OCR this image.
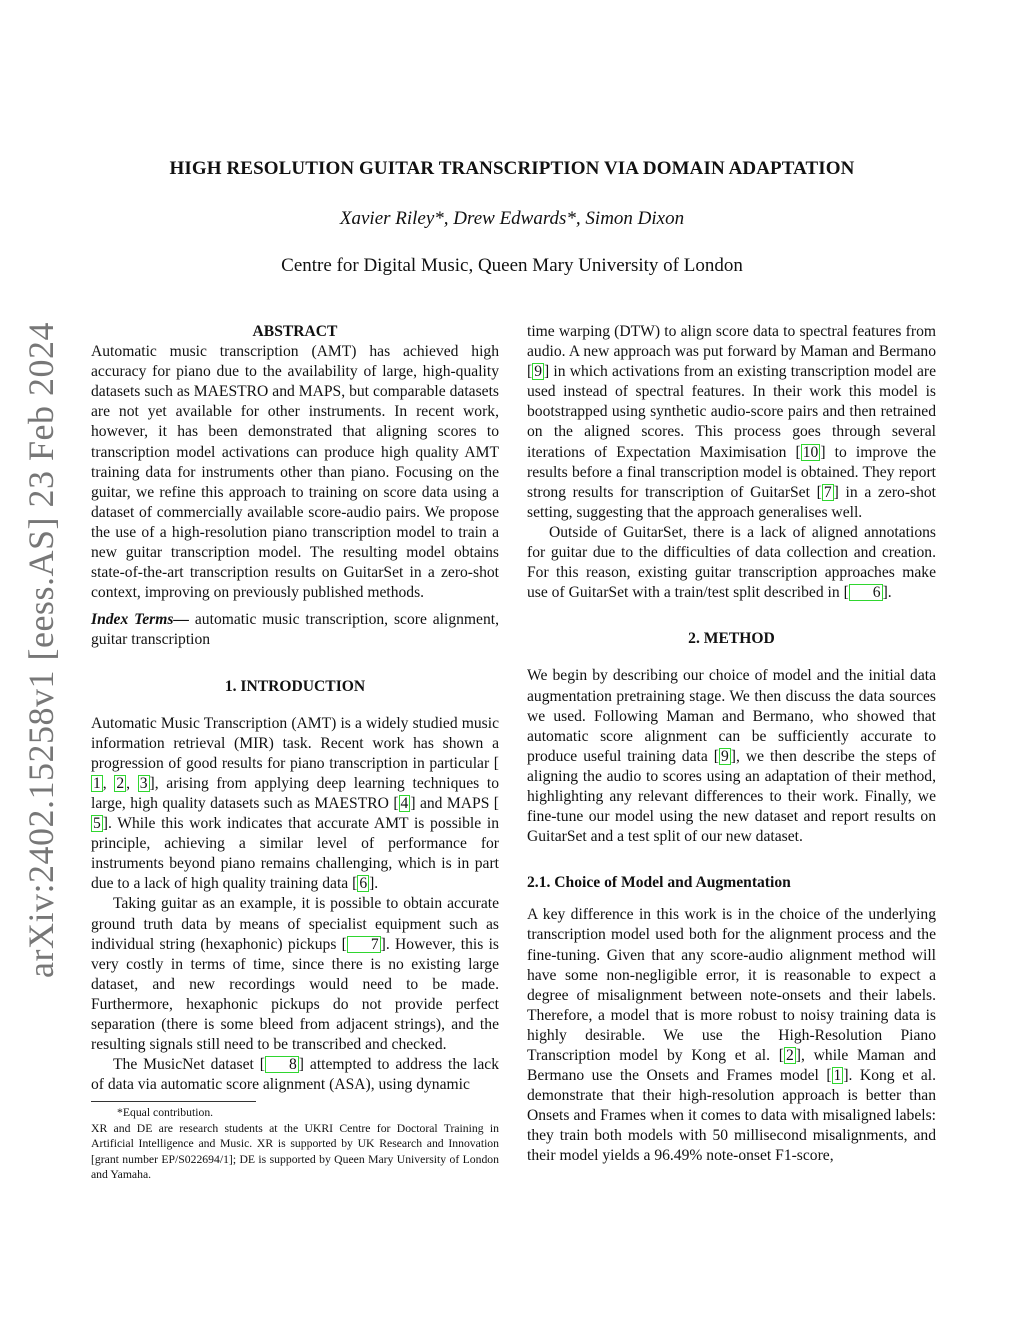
arXiv:2402.15258v1 [eess.AS] 23 Feb 2024
HIGH RESOLUTION GUITAR TRANSCRIPTION VIA DOMAIN ADAPTATION
Xavier Riley*, Drew Edwards*, Simon Dixon
Centre for Digital Music, Queen Mary University of London

ABSTRACT

Automatic music transcription (AMT) has achieved high accuracy for piano due to the availability of large, high-quality datasets such as MAESTRO and MAPS, but comparable datasets are not yet available for other instruments. In recent work, however, it has been demonstrated that aligning scores to transcription model activations can produce high quality AMT training data for instruments other than piano. Focusing on the guitar, we refine this approach to training on score data using a dataset of commercially available score-audio pairs. We propose the use of a high-resolution piano transcription model to train a new guitar transcription model. The resulting model obtains state-of-the-art transcription results on GuitarSet in a zero-shot context, improving on previously published methods.

Index Terms— automatic music transcription, score alignment, guitar transcription

1. INTRODUCTION

Automatic Music Transcription (AMT) is a widely studied music information retrieval (MIR) task. Recent work has shown a progression of good results for piano transcription in particular [1 , 2 , 3 ], arising from applying deep learning techniques to large, high quality datasets such as MAESTRO [ 4 ] and MAPS [5 ]. While this work indicates that accurate AMT is possible in principle, achieving a similar level of performance for instruments beyond piano remains challenging, which is in part due to a lack of high quality training data [ 6 ].

Taking guitar as an example, it is possible to obtain accurate ground truth data by means of specialist equipment such as individual string (hexaphonic) pickups [ 7 ]. However, this is very costly in terms of time, since there is no existing large dataset, and new recordings would need to be made. Furthermore, hexaphonic pickups do not provide perfect separation (there is some bleed from adjacent strings), and the resulting signals still need to be transcribed and checked.

The MusicNet dataset [ 8 ] attempted to address the lack of data via automatic score alignment (ASA), using dynamic

*Equal contribution.

XR and DE are research students at the UKRI Centre for Doctoral Training in Artificial Intelligence and Music. XR is supported by UK Research and Innovation [grant number EP/S022694/1]; DE is supported by Queen Mary University of London and Yamaha.

time warping (DTW) to align score data to spectral features from audio. A new approach was put forward by Maman and Bermano [ 9 ] in which activations from an existing transcription model are used instead of spectral features. In their work this model is bootstrapped using synthetic audio-score pairs and then retrained on the aligned scores. This process goes through several iterations of Expectation Maximisation [ 10 ] to improve the results before a final transcription model is obtained. They report strong results for transcription of GuitarSet [ 7 ] in a zero-shot setting, suggesting that the approach generalises well.

Outside of GuitarSet, there is a lack of aligned annotations for guitar due to the difficulties of data collection and creation. For this reason, existing guitar transcription approaches make use of GuitarSet with a train/test split described in [ 6 ].

2. METHOD

We begin by describing our choice of model and the initial data augmentation pretraining stage. We then discuss the data sources we used. Following Maman and Bermano, who showed that automatic score alignment can be sufficiently accurate to produce useful training data [ 9 ], we then describe the steps of aligning the audio to scores using an adaptation of their method, highlighting any relevant differences to their work. Finally, we fine-tune our model using the new dataset and report results on GuitarSet and a test split of our new dataset.

2.1. Choice of Model and Augmentation

A key difference in this work is in the choice of the underlying transcription model used both for the alignment process and the fine-tuning. Given that any score-audio alignment method will have some non-negligible error, it is reasonable to expect a degree of misalignment between note-onsets and their labels. Therefore, a model that is more robust to noisy training data is highly desirable. We use the High-Resolution Piano Transcription model by Kong et al. [ 2 ], while Maman and Bermano use the Onsets and Frames model [ 1 ]. Kong et al. demonstrate that their high-resolution approach is better than Onsets and Frames when it comes to data with misaligned labels: they train both models with 50 millisecond misalignments, and their model yields a 96.49% note-onset F1-score,
